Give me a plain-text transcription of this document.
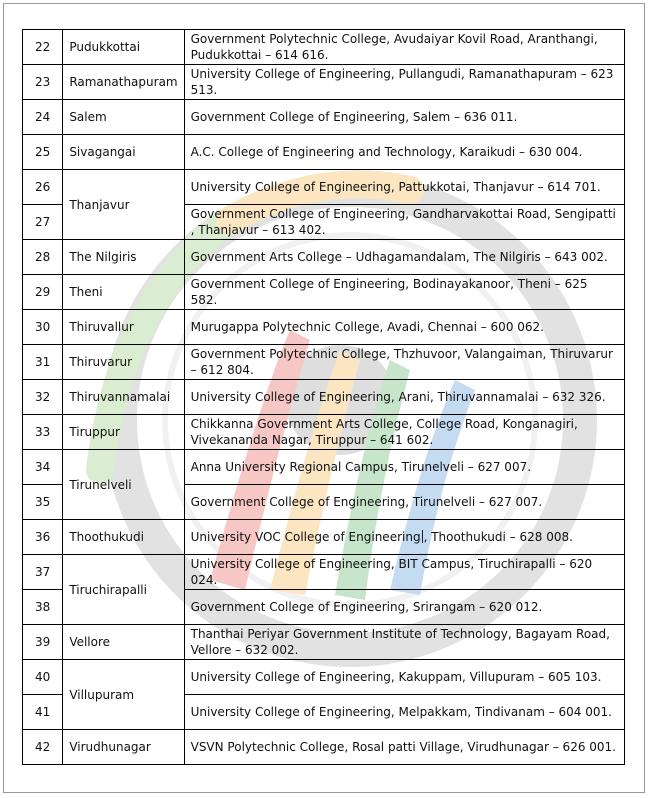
22	Pudukkottai	Government Polytechnic College, Avudaiyar Kovil Road, Aranthangi, Pudukkottai – 614 616.
23	Ramanathapuram	University College of Engineering, Pullangudi, Ramanathapuram – 623 513.
24	Salem	Government College of Engineering, Salem – 636 011.
25	Sivagangai	A.C. College of Engineering and Technology, Karaikudi – 630 004.
26	Thanjavur	University College of Engineering, Pattukkotai, Thanjavur – 614 701.
27		Government College of Engineering, Gandharvakottai Road, Sengipatti , Thanjavur – 613 402.
28	The Nilgiris	Government Arts College – Udhagamandalam, The Nilgiris – 643 002.
29	Theni	Government College of Engineering, Bodinayakanoor, Theni – 625 582.
30	Thiruvallur	Murugappa Polytechnic College, Avadi, Chennai – 600 062.
31	Thiruvarur	Government Polytechnic College, Thzhuvoor, Valangaiman, Thiruvarur – 612 804.
32	Thiruvannamalai	University College of Engineering, Arani, Thiruvannamalai – 632 326.
33	Tiruppur	Chikkanna Government Arts College, College Road, Konganagiri, Vivekananda Nagar, Tiruppur – 641 602.
34	Tirunelveli	Anna University Regional Campus, Tirunelveli – 627 007.
35		Government College of Engineering, Tirunelveli – 627 007.
36	Thoothukudi	University VOC College of Engineering , Thoothukudi – 628 008.
37	Tiruchirapalli	University College of Engineering, BIT Campus, Tiruchirapalli – 620 024.
38		Government College of Engineering, Srirangam – 620 012.
39	Vellore	Thanthai Periyar Government Institute of Technology, Bagayam Road, Vellore – 632 002.
40	Villupuram	University College of Engineering, Kakuppam, Villupuram – 605 103.
41		University College of Engineering, Melpakkam, Tindivanam – 604 001.
42	Virudhunagar	VSVN Polytechnic College, Rosal patti Village, Virudhunagar – 626 001.
